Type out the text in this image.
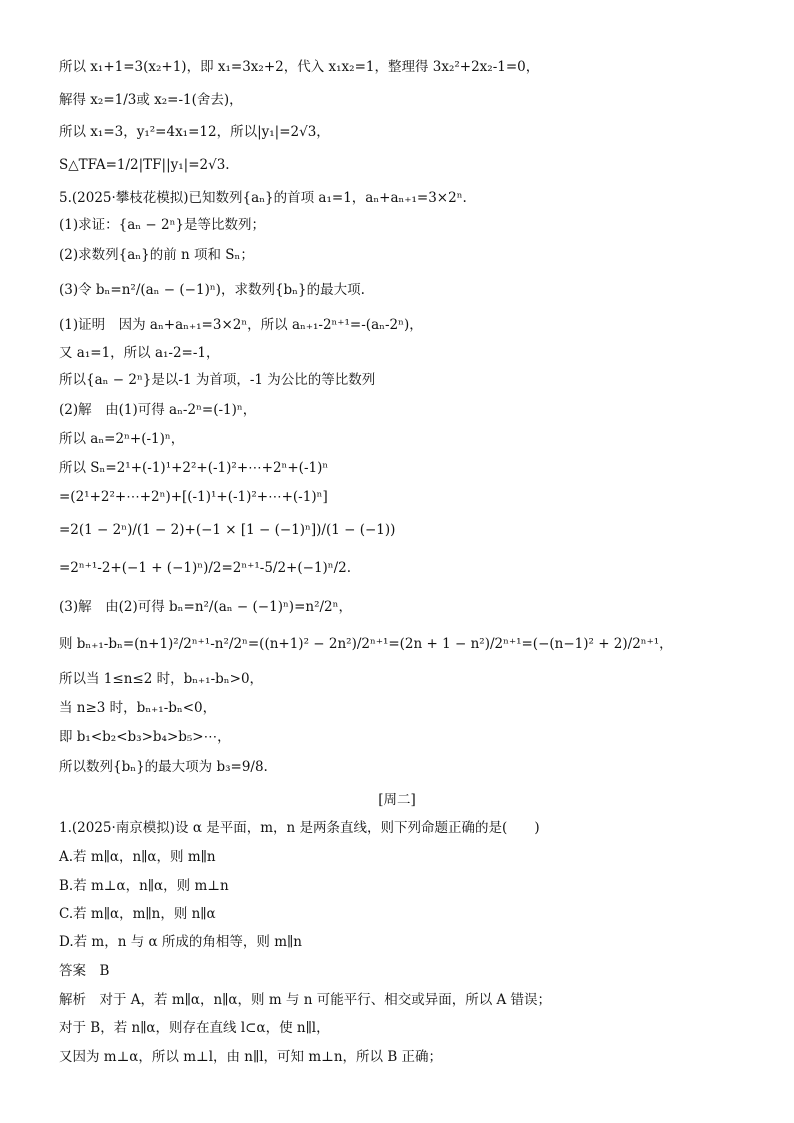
所以 x₁+1=3(x₂+1)，即 x₁=3x₂+2，代入 x₁x₂=1，整理得 3x₂²+2x₂-1=0，
解得 x₂=1/3或 x₂=-1(舍去)，
所以 x₁=3，y₁²=4x₁=12，所以|y₁|=2√3，
S△TFA=1/2|TF||y₁|=2√3.
5.(2025·攀枝花模拟)已知数列{aₙ}的首项 a₁=1，aₙ+aₙ₊₁=3×2ⁿ.
(1)求证：{aₙ − 2ⁿ}是等比数列；
(2)求数列{aₙ}的前 n 项和 Sₙ；
(3)令 bₙ=n²/(aₙ − (−1)ⁿ)，求数列{bₙ}的最大项.
(1)证明　因为 aₙ+aₙ₊₁=3×2ⁿ，所以 aₙ₊₁-2ⁿ⁺¹=-(aₙ-2ⁿ)，
又 a₁=1，所以 a₁-2=-1，
所以{aₙ − 2ⁿ}是以-1 为首项，-1 为公比的等比数列
(2)解　由(1)可得 aₙ-2ⁿ=(-1)ⁿ，
所以 aₙ=2ⁿ+(-1)ⁿ，
所以 Sₙ=2¹+(-1)¹+2²+(-1)²+⋯+2ⁿ+(-1)ⁿ
=(2¹+2²+⋯+2ⁿ)+[(-1)¹+(-1)²+⋯+(-1)ⁿ]
=2(1 − 2ⁿ)/(1 − 2)+(−1 × [1 − (−1)ⁿ])/(1 − (−1))
=2ⁿ⁺¹-2+(−1 + (−1)ⁿ)/2=2ⁿ⁺¹-5/2+(−1)ⁿ/2.
(3)解　由(2)可得 bₙ=n²/(aₙ − (−1)ⁿ)=n²/2ⁿ，
则 bₙ₊₁-bₙ=(n+1)²/2ⁿ⁺¹-n²/2ⁿ=((n+1)² − 2n²)/2ⁿ⁺¹=(2n + 1 − n²)/2ⁿ⁺¹=(−(n−1)² + 2)/2ⁿ⁺¹，
所以当 1≤n≤2 时，bₙ₊₁-bₙ>0，
当 n≥3 时，bₙ₊₁-bₙ<0，
即 b₁<b₂<b₃>b₄>b₅>⋯，
所以数列{bₙ}的最大项为 b₃=9/8.
1.(2025·南京模拟)设 α 是平面，m，n 是两条直线，则下列命题正确的是(　　)
A.若 m∥α，n∥α，则 m∥n
B.若 m⊥α，n∥α，则 m⊥n
C.若 m∥α，m∥n，则 n∥α
D.若 m，n 与 α 所成的角相等，则 m∥n
答案　B
解析　对于 A，若 m∥α，n∥α，则 m 与 n 可能平行、相交或异面，所以 A 错误；
对于 B，若 n∥α，则存在直线 l⊂α，使 n∥l，
又因为 m⊥α，所以 m⊥l，由 n∥l，可知 m⊥n，所以 B 正确；
[周二]
